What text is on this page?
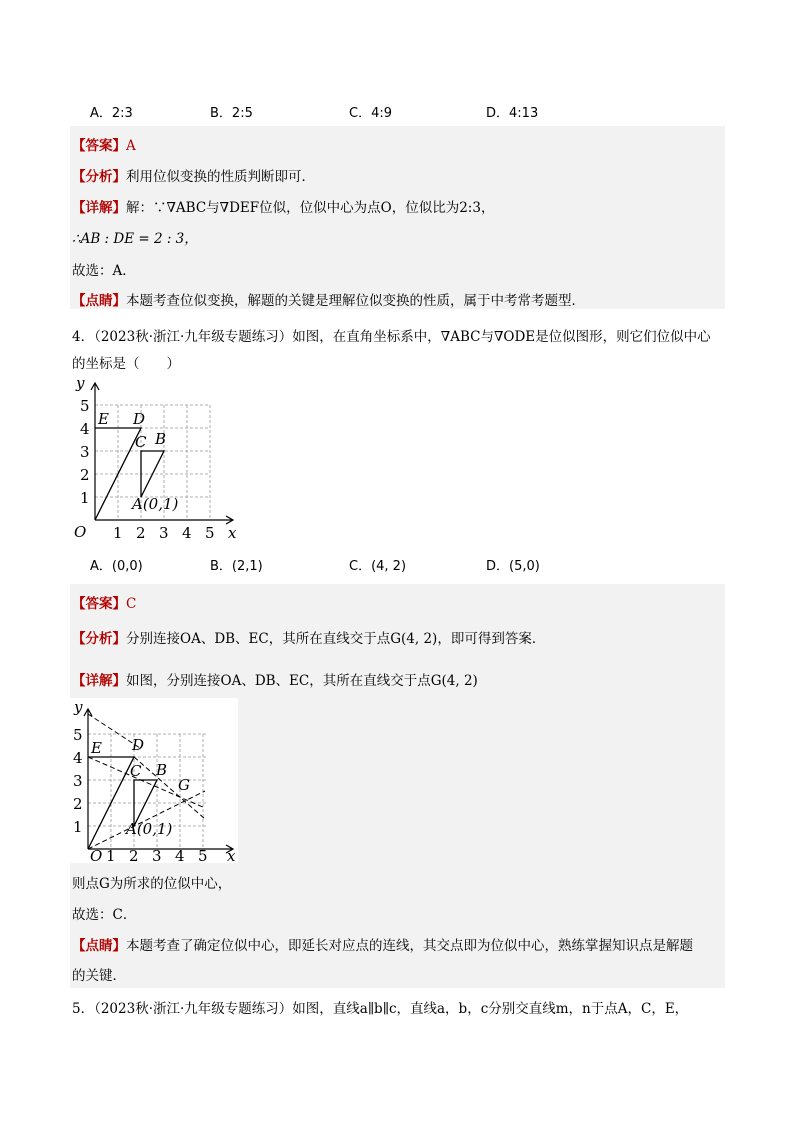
A．2:3	B．2:5	C．4:9	D．4:13
【答案】A
【分析】利用位似变换的性质判断即可．
【详解】解：∵∇ABC与∇DEF位似，位似中心为点O，位似比为2:3，
∴AB : DE = 2 : 3，
故选：A．
【点睛】本题考查位似变换，解题的关键是理解位似变换的性质，属于中考常考题型．
4．（2023秋·浙江·九年级专题练习）如图，在直角坐标系中，∇ABC与∇ODE是位似图形，则它们位似中心
的坐标是（　　）
y
x
O
E D
C B
A(0,1)
1
2
3
4
5
1 2 3 4 5
A．(0,0)	B．(2,1)	C．(4, 2)	D．(5,0)
【答案】C
【分析】分别连接OA、DB、EC，其所在直线交于点G(4, 2)，即可得到答案．
【详解】如图，分别连接OA、DB、EC，其所在直线交于点G(4, 2)
y
x
O
E D
C B
G
A(0,1)
1
2
3
4
5
1 2 3 4 5
则点G为所求的位似中心，
故选：C．
【点睛】本题考查了确定位似中心，即延长对应点的连线，其交点即为位似中心，熟练掌握知识点是解题
的关键．
5．（2023秋·浙江·九年级专题练习）如图，直线a∥b∥c，直线a，b，c分别交直线m，n于点A，C，E，
